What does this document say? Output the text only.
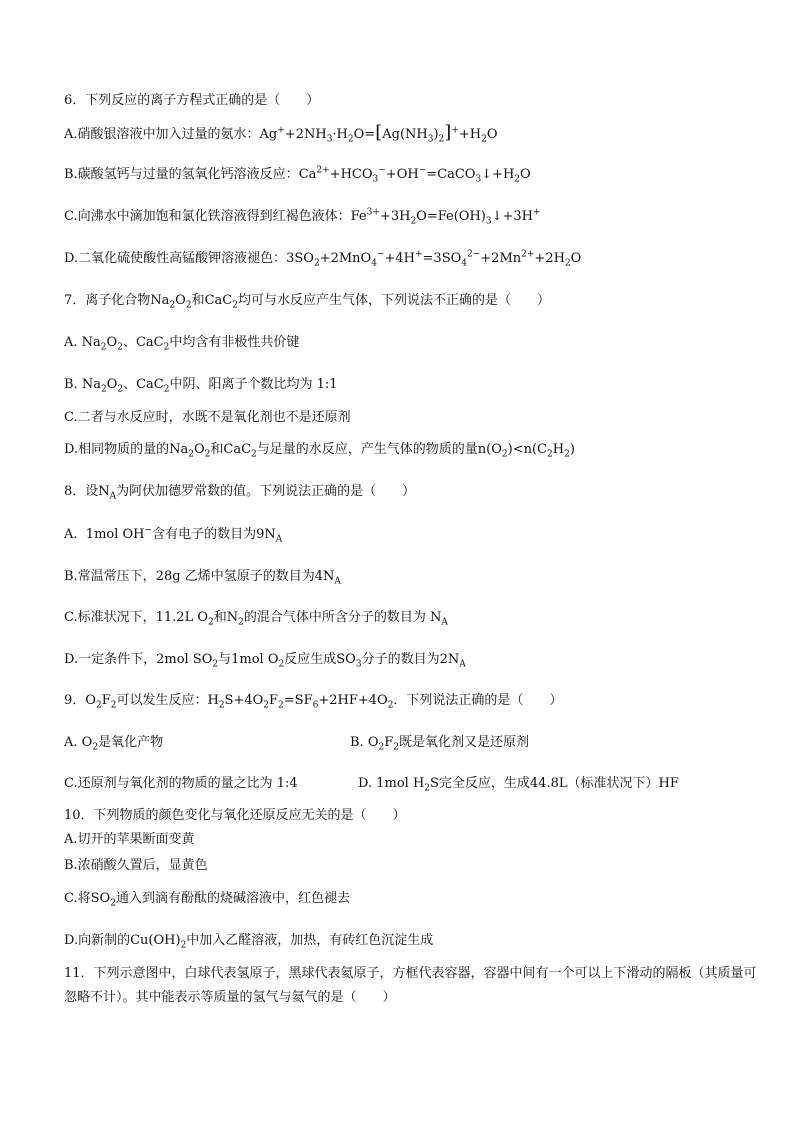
6．下列反应的离子方程式正确的是（　　）
A.硝酸银溶液中加入过量的氨水：$Ag^++2NH_3\cdot H_2O=[Ag(NH_3)_2]^++H_2O$
B.碳酸氢钙与过量的氢氧化钙溶液反应：$Ca^{2+}+HCO_3^-+OH^-=CaCO_3↓+H_2O$
C.向沸水中滴加饱和氯化铁溶液得到红褐色液体：$Fe^{3+}+3H_2O=Fe(OH)_3↓+3H^+$
D.二氧化硫使酸性高锰酸钾溶液褪色：$3SO_2+2MnO_4^-+4H^+=3SO_4^{2-}+2Mn^{2+}+2H_2O$
7．离子化合物$Na_2O_2$和CaC$_2$均可与水反应产生气体，下列说法不正确的是（　　）
A. $Na_2O_2$、CaC$_2$中均含有非极性共价键
B. $Na_2O_2$、CaC$_2$中阴、阳离子个数比均为 1:1
C.二者与水反应时，水既不是氧化剂也不是还原剂
D.相同物质的量的$Na_2O_2$和CaC$_2$与足量的水反应，产生气体的物质的量$n(O_2)<n(C_2H_2)$
8．设$N_A$为阿伏加德罗常数的值。下列说法正确的是（　　）
A.  1mol OH−含有电子的数目为$9N_A$
B.常温常压下，28g 乙烯中氢原子的数目为$4N_A$
C.标准状况下，11.2L $O_2$和$N_2$的混合气体中所含分子的数目为 $N_A$
D.一定条件下，2mol $SO_2$与1mol $O_2$反应生成$SO_3$分子的数目为$2N_A$
9．$O_2F_2$可以发生反应：$H_2S+4O_2F_2=SF_6+2HF+4O_2$．下列说法正确的是（　　）
A. $O_2$是氧化产物	B. $O_2F_2$既是氧化剂又是还原剂
C.还原剂与氧化剂的物质的量之比为 1:4	D. 1mol $H_2S$完全反应，生成44.8L（标准状况下）HF
10．下列物质的颜色变化与氧化还原反应无关的是（　　）
A.切开的苹果断面变黄
B.浓硝酸久置后，显黄色
C.将$SO_2$通入到滴有酚酞的烧碱溶液中，红色褪去
D.向新制的$Cu(OH)_2$中加入乙醛溶液，加热，有砖红色沉淀生成
11．下列示意图中，白球代表氢原子，黑球代表氦原子，方框代表容器，容器中间有一个可以上下滑动的隔板（其质量可忽略不计）。其中能表示等质量的氢气与氦气的是（　　）
